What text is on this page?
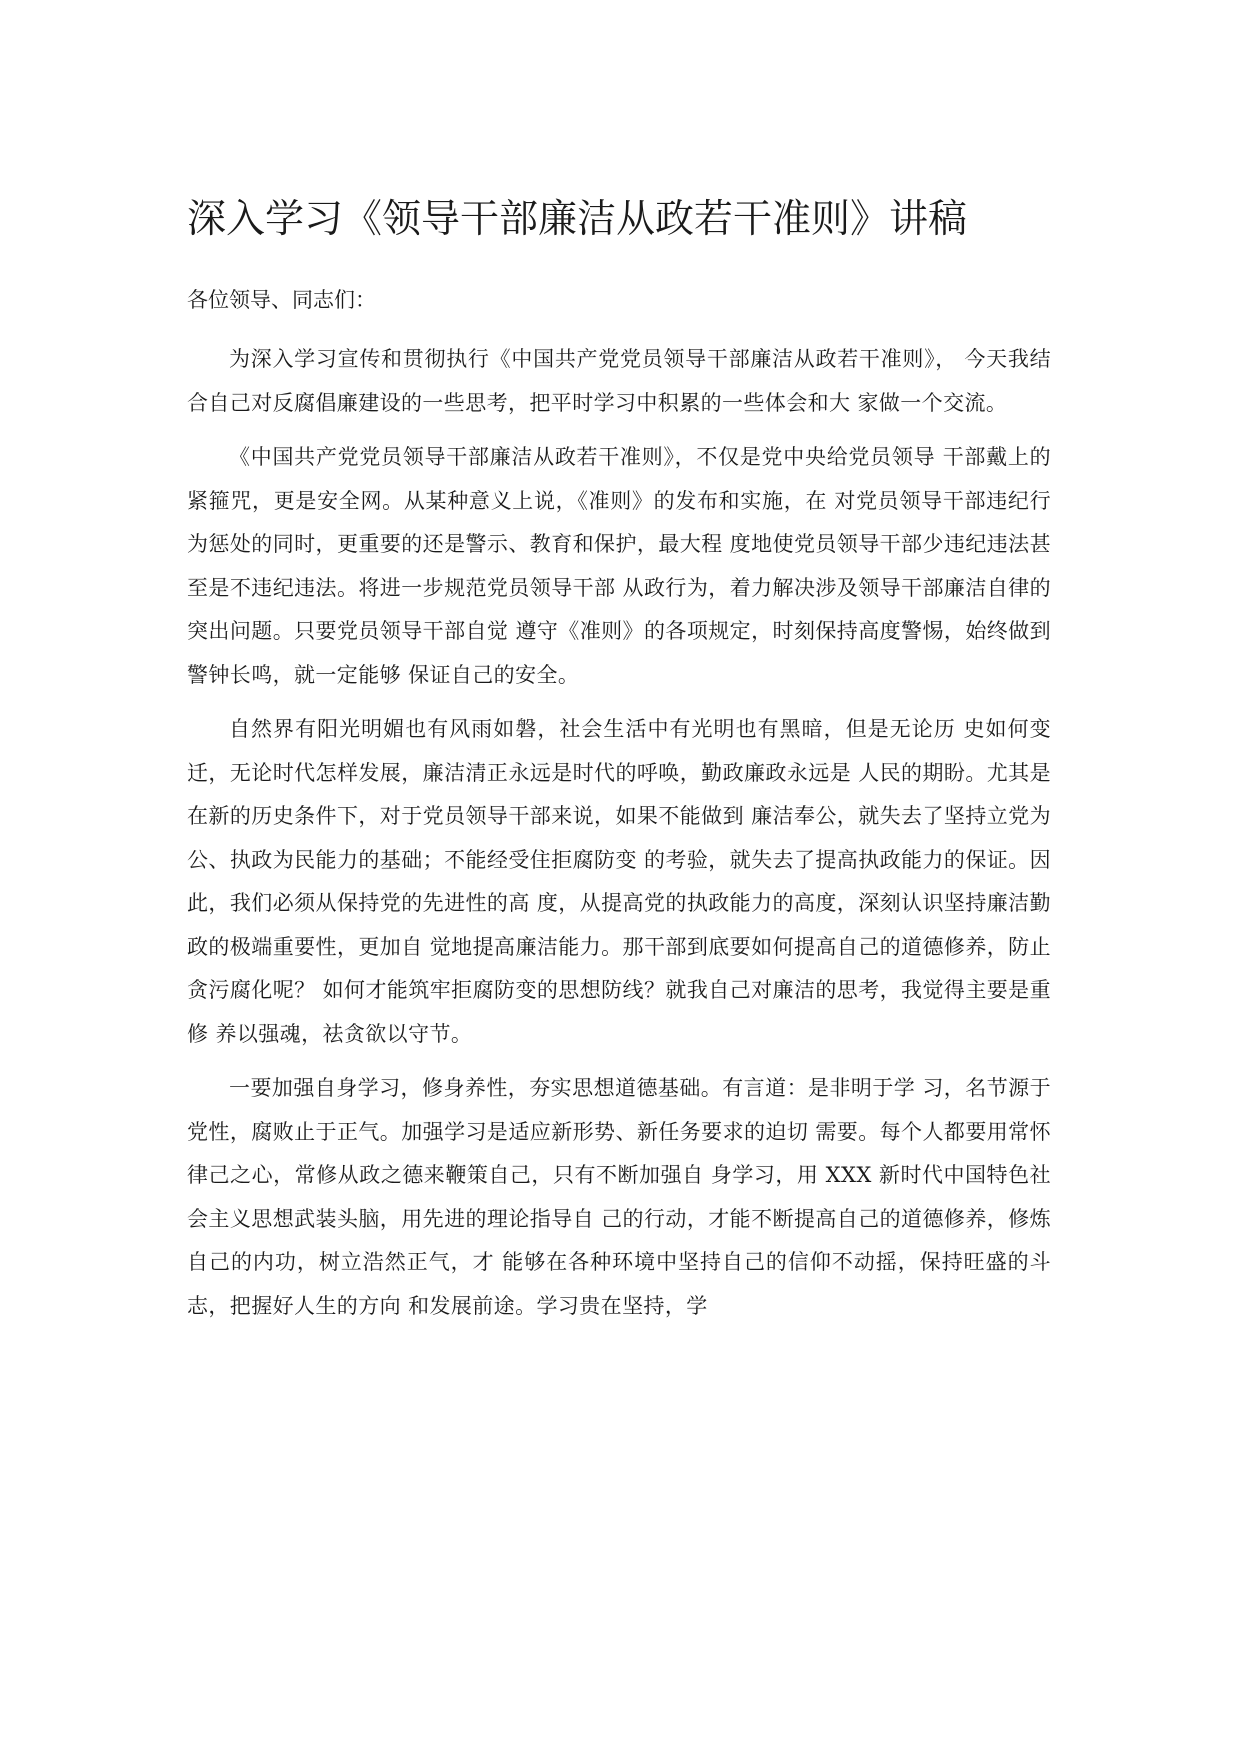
深入学习《领导干部廉洁从政若干准则》讲稿
各位领导、同志们：

为深入学习宣传和贯彻执行《中国共产党党员领导干部廉洁从政若干准则》， 今天我结合自己对反腐倡廉建设的一些思考，把平时学习中积累的一些体会和大 家做一个交流。

《中国共产党党员领导干部廉洁从政若干准则》，不仅是党中央给党员领导 干部戴上的紧箍咒，更是安全网。从某种意义上说，《准则》的发布和实施，在 对党员领导干部违纪行为惩处的同时，更重要的还是警示、教育和保护，最大程 度地使党员领导干部少违纪违法甚至是不违纪违法。将进一步规范党员领导干部 从政行为，着力解决涉及领导干部廉洁自律的突出问题。只要党员领导干部自觉 遵守《准则》的各项规定，时刻保持高度警惕，始终做到警钟长鸣，就一定能够 保证自己的安全。

自然界有阳光明媚也有风雨如磐，社会生活中有光明也有黑暗，但是无论历 史如何变迁，无论时代怎样发展，廉洁清正永远是时代的呼唤，勤政廉政永远是 人民的期盼。尤其是在新的历史条件下，对于党员领导干部来说，如果不能做到 廉洁奉公，就失去了坚持立党为公、执政为民能力的基础；不能经受住拒腐防变 的考验，就失去了提高执政能力的保证。因此，我们必须从保持党的先进性的高 度，从提高党的执政能力的高度，深刻认识坚持廉洁勤政的极端重要性，更加自 觉地提高廉洁能力。那干部到底要如何提高自己的道德修养，防止贪污腐化呢？ 如何才能筑牢拒腐防变的思想防线？就我自己对廉洁的思考，我觉得主要是重修 养以强魂，祛贪欲以守节。

一要加强自身学习，修身养性，夯实思想道德基础。有言道：是非明于学 习，名节源于党性，腐败止于正气。加强学习是适应新形势、新任务要求的迫切 需要。每个人都要用常怀律己之心，常修从政之德来鞭策自己，只有不断加强自 身学习，用 XXX 新时代中国特色社会主义思想武装头脑，用先进的理论指导自 己的行动，才能不断提高自己的道德修养，修炼自己的内功，树立浩然正气，才 能够在各种环境中坚持自己的信仰不动摇，保持旺盛的斗志，把握好人生的方向 和发展前途。学习贵在坚持，学
